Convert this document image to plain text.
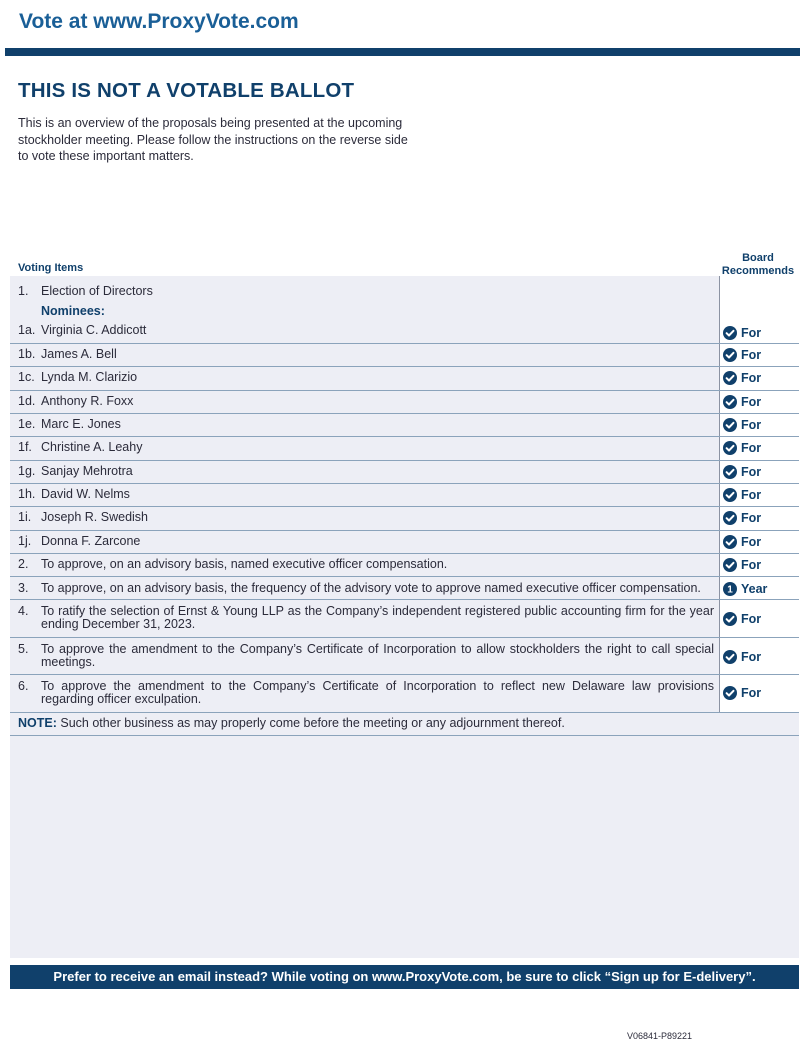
Vote at www.ProxyVote.com
THIS IS NOT A VOTABLE BALLOT
This is an overview of the proposals being presented at the upcoming stockholder meeting. Please follow the instructions on the reverse side to vote these important matters.
Voting Items
Board
Recommends
1. Election of Directors
Nominees:
1a. Virginia C. Addicott	For
1b. James A. Bell	For
1c. Lynda M. Clarizio	For
1d. Anthony R. Foxx	For
1e. Marc E. Jones	For
1f. Christine A. Leahy	For
1g. Sanjay Mehrotra	For
1h. David W. Nelms	For
1i. Joseph R. Swedish	For
1j. Donna F. Zarcone	For
2. To approve, on an advisory basis, named executive officer compensation.	For
3. To approve, on an advisory basis, the frequency of the advisory vote to approve named executive officer compensation.	1 Year
4. To ratify the selection of Ernst & Young LLP as the Company’s independent registered public accounting firm for the year ending December 31, 2023.	For
5. To approve the amendment to the Company’s Certificate of Incorporation to allow stockholders the right to call special meetings.	For
6. To approve the amendment to the Company’s Certificate of Incorporation to reflect new Delaware law provisions regarding officer exculpation.	For
NOTE: Such other business as may properly come before the meeting or any adjournment thereof.
Prefer to receive an email instead? While voting on www.ProxyVote.com, be sure to click “Sign up for E-delivery”.
V06841-P89221
